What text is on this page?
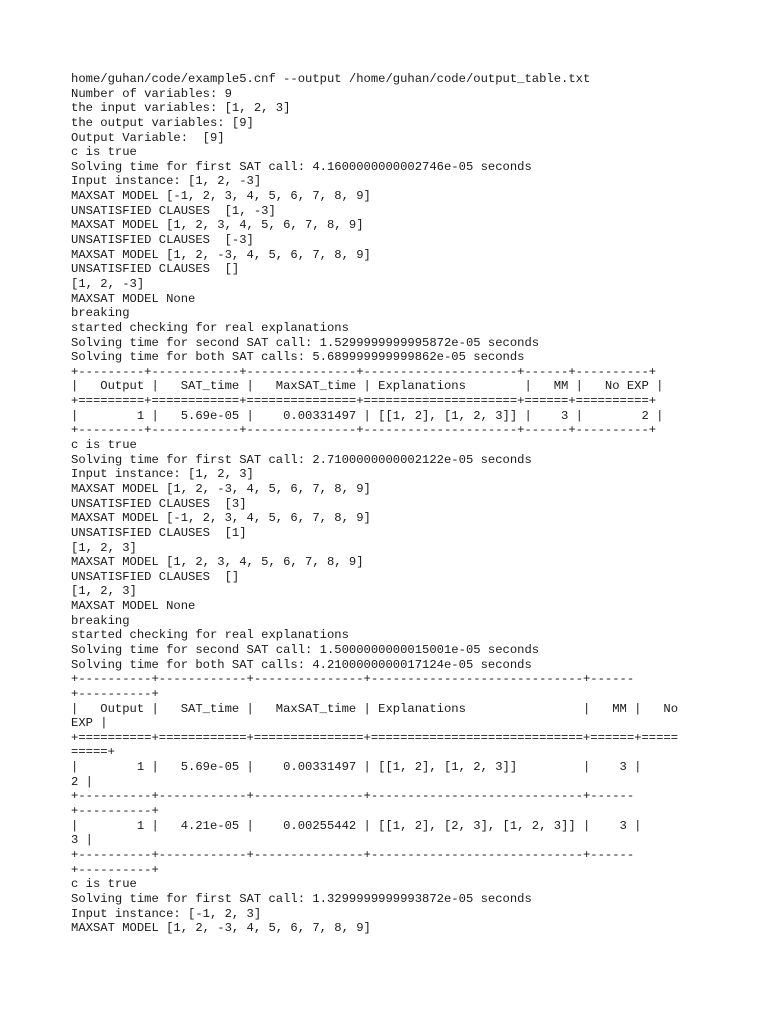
home/guhan/code/example5.cnf --output /home/guhan/code/output_table.txt
Number of variables: 9
the input variables: [1, 2, 3]
the output variables: [9]
Output Variable:  [9]
c is true
Solving time for first SAT call: 4.1600000000002746e-05 seconds
Input instance: [1, 2, -3]
MAXSAT MODEL [-1, 2, 3, 4, 5, 6, 7, 8, 9]
UNSATISFIED CLAUSES  [1, -3]
MAXSAT MODEL [1, 2, 3, 4, 5, 6, 7, 8, 9]
UNSATISFIED CLAUSES  [-3]
MAXSAT MODEL [1, 2, -3, 4, 5, 6, 7, 8, 9]
UNSATISFIED CLAUSES  []
[1, 2, -3]
MAXSAT MODEL None
breaking
started checking for real explanations
Solving time for second SAT call: 1.5299999999995872e-05 seconds
Solving time for both SAT calls: 5.689999999999862e-05 seconds
+---------+------------+---------------+---------------------+------+----------+
|   Output |   SAT_time |   MaxSAT_time | Explanations        |   MM |   No EXP |
+=========+============+===============+=====================+======+==========+
|        1 |   5.69e-05 |    0.00331497 | [[1, 2], [1, 2, 3]] |    3 |        2 |
+---------+------------+---------------+---------------------+------+----------+
c is true
Solving time for first SAT call: 2.7100000000002122e-05 seconds
Input instance: [1, 2, 3]
MAXSAT MODEL [1, 2, -3, 4, 5, 6, 7, 8, 9]
UNSATISFIED CLAUSES  [3]
MAXSAT MODEL [-1, 2, 3, 4, 5, 6, 7, 8, 9]
UNSATISFIED CLAUSES  [1]
[1, 2, 3]
MAXSAT MODEL [1, 2, 3, 4, 5, 6, 7, 8, 9]
UNSATISFIED CLAUSES  []
[1, 2, 3]
MAXSAT MODEL None
breaking
started checking for real explanations
Solving time for second SAT call: 1.5000000000015001e-05 seconds
Solving time for both SAT calls: 4.2100000000017124e-05 seconds
+----------+------------+---------------+-----------------------------+------
+----------+
|   Output |   SAT_time |   MaxSAT_time | Explanations                |   MM |   No
EXP |
+==========+============+===============+=============================+======+=====
=====+
|        1 |   5.69e-05 |    0.00331497 | [[1, 2], [1, 2, 3]]         |    3 |
2 |
+----------+------------+---------------+-----------------------------+------
+----------+
|        1 |   4.21e-05 |    0.00255442 | [[1, 2], [2, 3], [1, 2, 3]] |    3 |
3 |
+----------+------------+---------------+-----------------------------+------
+----------+
c is true
Solving time for first SAT call: 1.3299999999993872e-05 seconds
Input instance: [-1, 2, 3]
MAXSAT MODEL [1, 2, -3, 4, 5, 6, 7, 8, 9]
